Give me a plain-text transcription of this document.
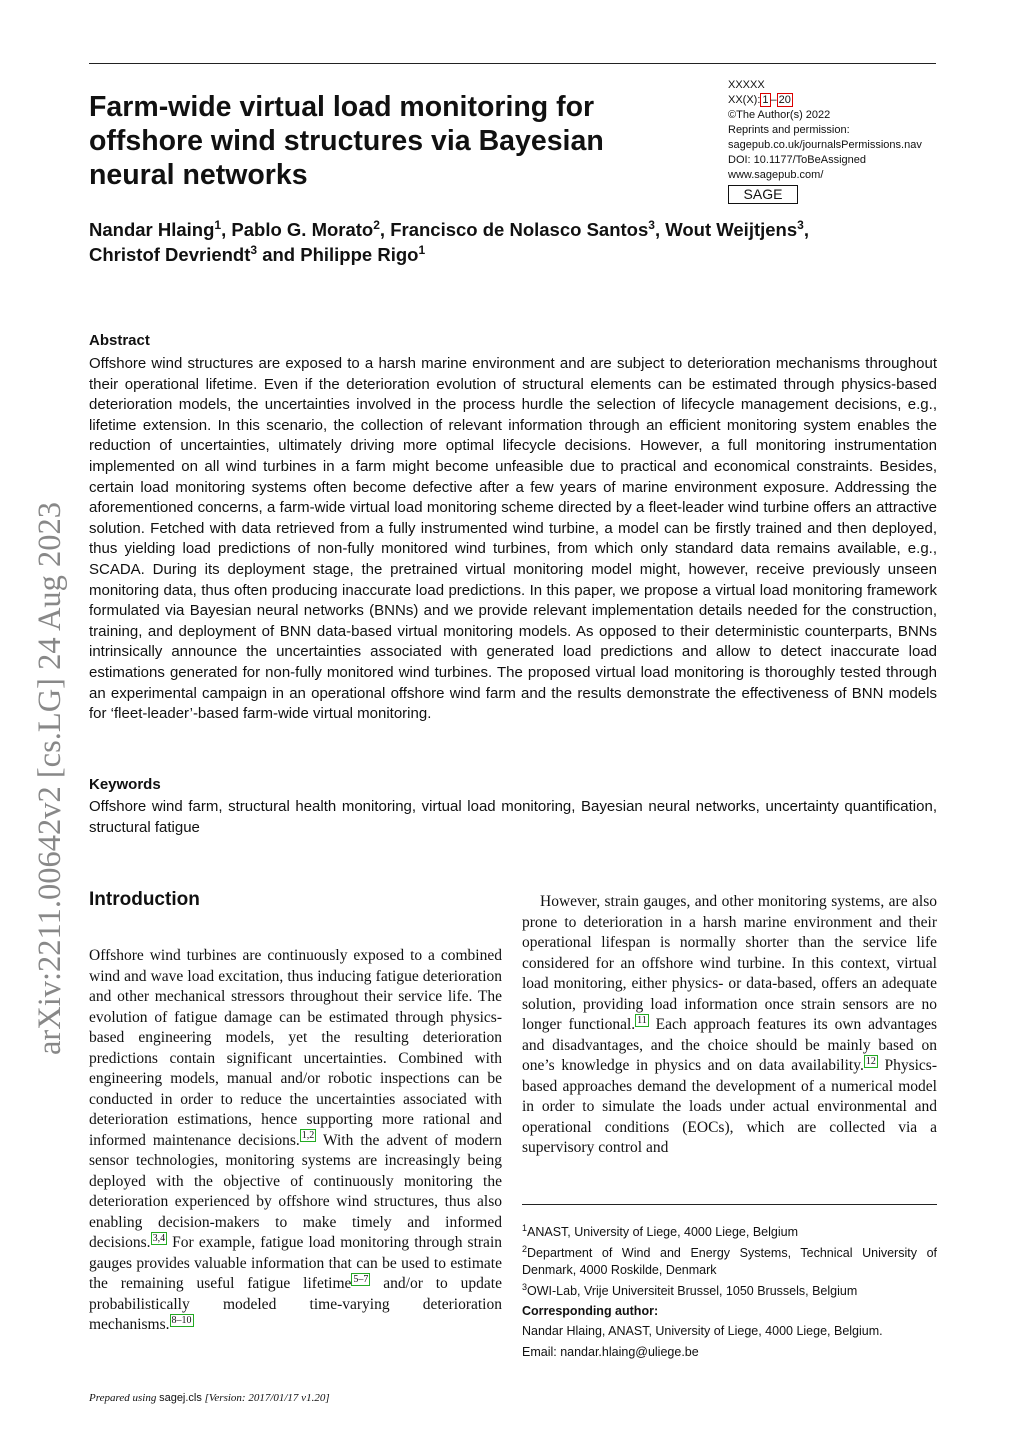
Farm-wide virtual load monitoring for offshore wind structures via Bayesian neural networks
XXXXX
XX(X): 1 – 20
©The Author(s) 2022
Reprints and permission:
sagepub.co.uk/journalsPermissions.nav
DOI: 10.1177/ToBeAssigned
www.sagepub.com/
SAGE
Nandar Hlaing$^1$, Pablo G. Morato$^2$, Francisco de Nolasco Santos$^3$, Wout Weijtjens$^3$,
Christof Devriendt$^3$ and Philippe Rigo$^1$
arXiv:2211.00642v2 [cs.LG] 24 Aug 2023
Abstract
Offshore wind structures are exposed to a harsh marine environment and are subject to deterioration mechanisms throughout their operational lifetime. Even if the deterioration evolution of structural elements can be estimated through physics-based deterioration models, the uncertainties involved in the process hurdle the selection of lifecycle management decisions, e.g., lifetime extension. In this scenario, the collection of relevant information through an efficient monitoring system enables the reduction of uncertainties, ultimately driving more optimal lifecycle decisions. However, a full monitoring instrumentation implemented on all wind turbines in a farm might become unfeasible due to practical and economical constraints. Besides, certain load monitoring systems often become defective after a few years of marine environment exposure. Addressing the aforementioned concerns, a farm-wide virtual load monitoring scheme directed by a fleet-leader wind turbine offers an attractive solution. Fetched with data retrieved from a fully instrumented wind turbine, a model can be firstly trained and then deployed, thus yielding load predictions of non-fully monitored wind turbines, from which only standard data remains available, e.g., SCADA. During its deployment stage, the pretrained virtual monitoring model might, however, receive previously unseen monitoring data, thus often producing inaccurate load predictions. In this paper, we propose a virtual load monitoring framework formulated via Bayesian neural networks (BNNs) and we provide relevant implementation details needed for the construction, training, and deployment of BNN data-based virtual monitoring models. As opposed to their deterministic counterparts, BNNs intrinsically announce the uncertainties associated with generated load predictions and allow to detect inaccurate load estimations generated for non-fully monitored wind turbines. The proposed virtual load monitoring is thoroughly tested through an experimental campaign in an operational offshore wind farm and the results demonstrate the effectiveness of BNN models for ‘fleet-leader’-based farm-wide virtual monitoring.
Keywords
Offshore wind farm, structural health monitoring, virtual load monitoring, Bayesian neural networks, uncertainty quantification, structural fatigue
Introduction
Offshore wind turbines are continuously exposed to a combined wind and wave load excitation, thus inducing fatigue deterioration and other mechanical stressors throughout their service life. The evolution of fatigue damage can be estimated through physics-based engineering models, yet the resulting deterioration predictions contain significant uncertainties. Combined with engineering models, manual and/or robotic inspections can be conducted in order to reduce the uncertainties associated with deterioration estimations, hence supporting more rational and informed maintenance decisions. $^{1,2}$ With the advent of modern sensor technologies, monitoring systems are increasingly being deployed with the objective of continuously monitoring the deterioration experienced by offshore wind structures, thus also enabling decision-makers to make timely and informed decisions. $^{3,4}$ For example, fatigue load monitoring through strain gauges provides valuable information that can be used to estimate the remaining useful fatigue lifetime $^{5-7}$ and/or to update probabilistically modeled time-varying deterioration mechanisms. $^{8-10}$
However, strain gauges, and other monitoring systems, are also prone to deterioration in a harsh marine environment and their operational lifespan is normally shorter than the service life considered for an offshore wind turbine. In this context, virtual load monitoring, either physics- or data-based, offers an adequate solution, providing load information once strain sensors are no longer functional. $^{11}$ Each approach features its own advantages and disadvantages, and the choice should be mainly based on one’s knowledge in physics and on data availability. $^{12}$ Physics-based approaches demand the development of a numerical model in order to simulate the loads under actual environmental and operational conditions (EOCs), which are collected via a supervisory control and
$^1$ANAST, University of Liege, 4000 Liege, Belgium
$^2$Department of Wind and Energy Systems, Technical University of Denmark, 4000 Roskilde, Denmark
$^3$OWI-Lab, Vrije Universiteit Brussel, 1050 Brussels, Belgium
Corresponding author:
Nandar Hlaing, ANAST, University of Liege, 4000 Liege, Belgium.
Email: nandar.hlaing@uliege.be
Prepared using sagej.cls [Version: 2017/01/17 v1.20]
